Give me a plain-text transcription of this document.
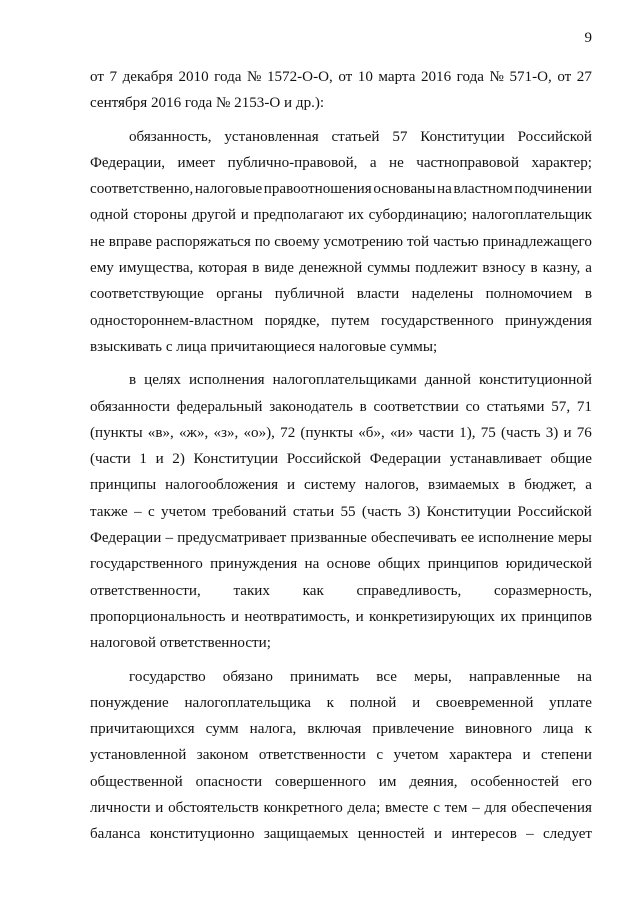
9
от 7 декабря 2010 года № 1572-О-О, от 10 марта 2016 года № 571-О, от 27
сентября 2016 года № 2153-О и др.):
обязанность, установленная статьей 57 Конституции Российской
Федерации, имеет публично-правовой, а не частноправовой характер;
соответственно, налоговые правоотношения основаны на властном подчинении
одной стороны другой и предполагают их субординацию; налогоплательщик
не вправе распоряжаться по своему усмотрению той частью принадлежащего
ему имущества, которая в виде денежной суммы подлежит взносу в казну, а
соответствующие органы публичной власти наделены полномочием в
одностороннем-властном порядке, путем государственного принуждения
взыскивать с лица причитающиеся налоговые суммы;
в целях исполнения налогоплательщиками данной конституционной
обязанности федеральный законодатель в соответствии со статьями 57, 71
(пункты «в», «ж», «з», «о»), 72 (пункты «б», «и» части 1), 75 (часть 3) и 76
(части 1 и 2) Конституции Российской Федерации устанавливает общие
принципы налогообложения и систему налогов, взимаемых в бюджет, а
также – с учетом требований статьи 55 (часть 3) Конституции Российской
Федерации – предусматривает призванные обеспечивать ее исполнение меры
государственного принуждения на основе общих принципов юридической
ответственности, таких как справедливость, соразмерность,
пропорциональность и неотвратимость, и конкретизирующих их принципов
налоговой ответственности;
государство обязано принимать все меры, направленные на
понуждение налогоплательщика к полной и своевременной уплате
причитающихся сумм налога, включая привлечение виновного лица к
установленной законом ответственности с учетом характера и степени
общественной опасности совершенного им деяния, особенностей его
личности и обстоятельств конкретного дела; вместе с тем – для обеспечения
баланса конституционно защищаемых ценностей и интересов – следует
